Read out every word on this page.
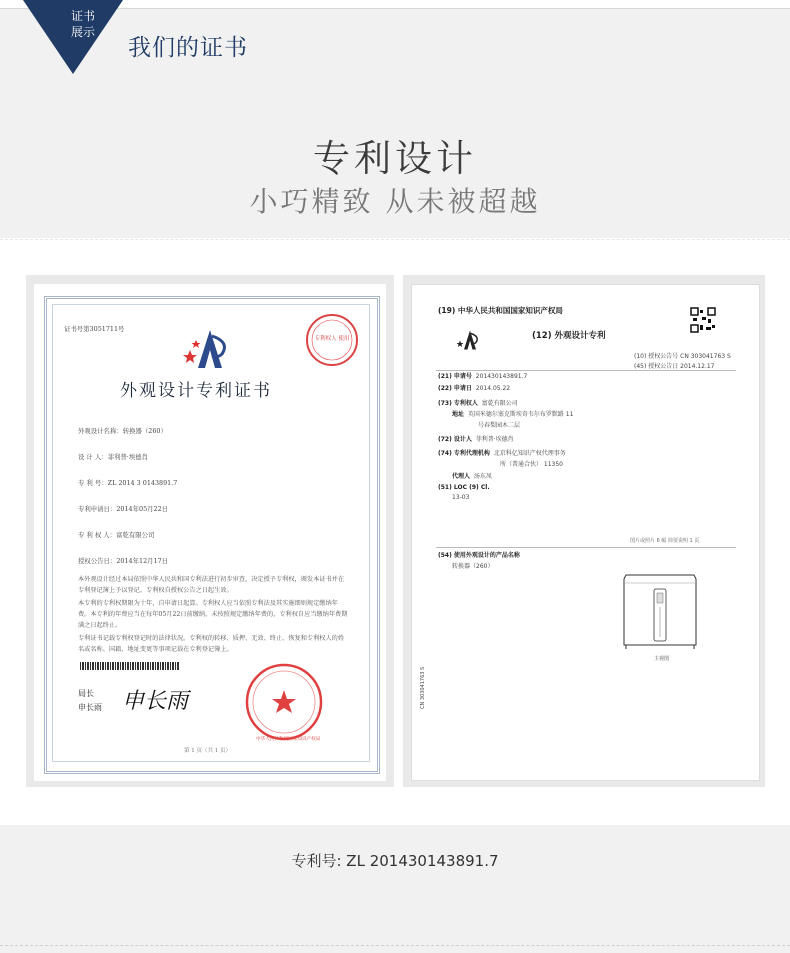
证书
展示
我们的证书
专利设计
小巧精致 从未被超越
证书号第3051711号
专利权人 使用
外观设计专利证书
外观设计名称：转换器（260）
设 计 人：菲利普·埃德肖
专 利 号：ZL 2014 3 0143891.7
专利申请日：2014年05月22日
专 利 权 人：富乾有限公司
授权公告日：2014年12月17日
本外观设计经过本局依照中华人民共和国专利法进行初步审查，决定授予专利权，颁发本证书并在专利登记簿上予以登记。专利权自授权公告之日起生效。
本专利的专利权期限为十年，自申请日起算。专利权人应当依照专利法及其实施细则规定缴纳年费。本专利的年费应当在每年05月22日前缴纳。未按照规定缴纳年费的，专利权自应当缴纳年费期满之日起终止。
专利证书记载专利权登记时的法律状况。专利权的转移、质押、无效、终止、恢复和专利权人的姓名或名称、国籍、地址变更等事项记载在专利登记簿上。
局长
申长雨 申长雨
中华人民共和国国家知识产权局
第 1 页（共 1 页）
(19) 中华人民共和国国家知识产权局
(12) 外观设计专利
(10) 授权公告号 CN 303041763 S
(45) 授权公告日 2014.12.17
(21) 申请号 201430143891.7
(22) 申请日 2014.05.22
(73) 专利权人 富乾有限公司
地址 英国米德尔塞克斯埃奇韦尔布罗默路 11
号春梨园木二层
(72) 设计人 菲利普·埃德肖
(74) 专利代理机构 北京科亿知识产权代理事务
所（普通合伙） 11350
代理人 汤东凤
(51) LOC (9) Cl.
13-03
图片或照片 6 幅 简要说明 1 页
(54) 使用外观设计的产品名称
转换器（260）
主视图
CN 303041763 S
专利号: ZL 201430143891.7
